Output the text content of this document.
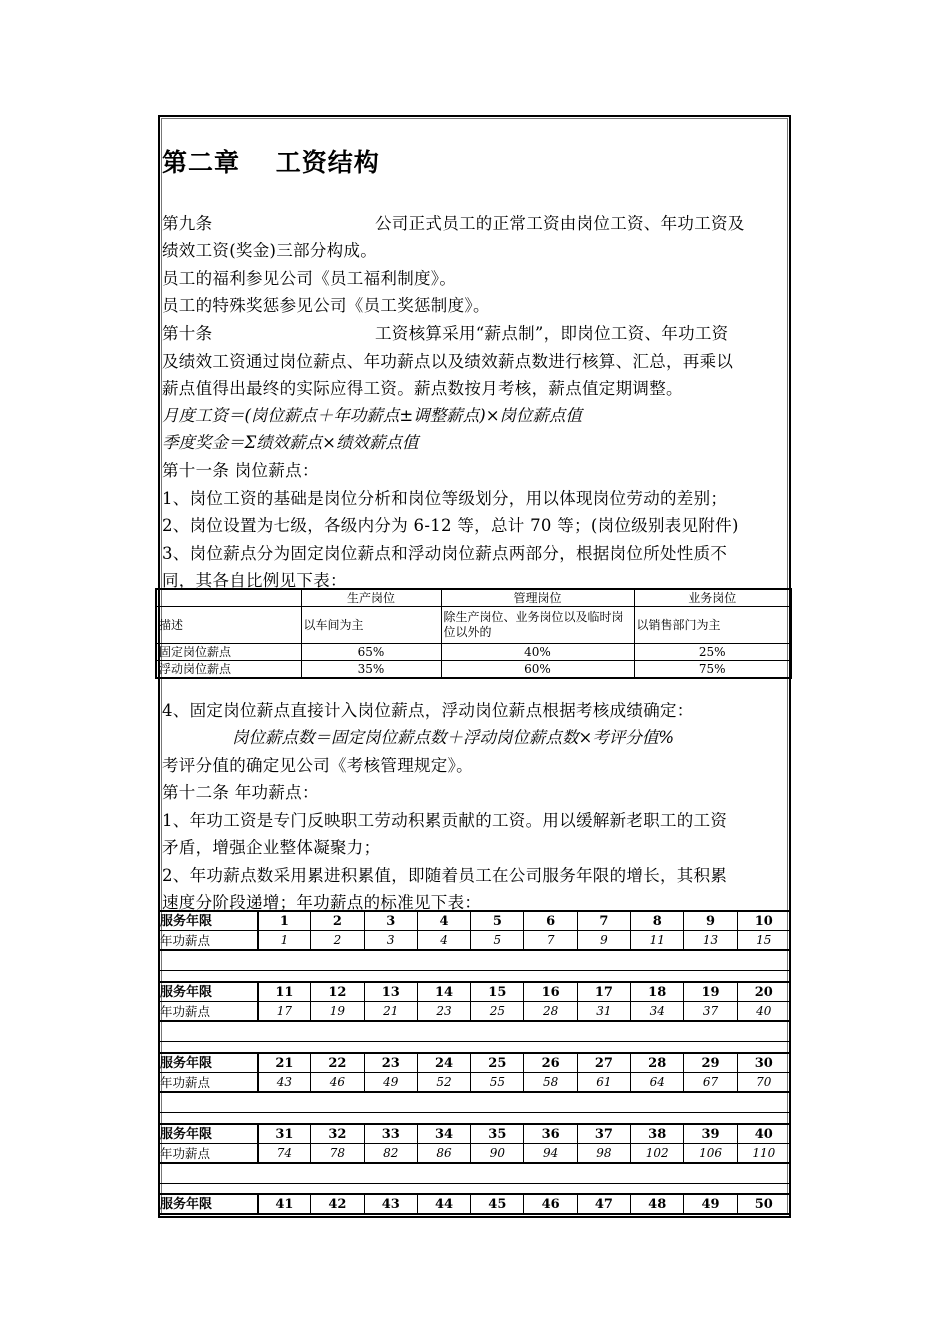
第二章　 工资结构
第九条	公司正式员工的正常工资由岗位工资、年功工资及
绩效工资(奖金)三部分构成。
员工的福利参见公司《员工福利制度》。
员工的特殊奖惩参见公司《员工奖惩制度》。
第十条	工资核算采用“薪点制”，即岗位工资、年功工资
及绩效工资通过岗位薪点、年功薪点以及绩效薪点数进行核算、汇总，再乘以
薪点值得出最终的实际应得工资。薪点数按月考核，薪点值定期调整。
月度工资＝(岗位薪点＋年功薪点±调整薪点)×岗位薪点值
季度奖金＝Σ绩效薪点×绩效薪点值
第十一条 岗位薪点：
1、岗位工资的基础是岗位分析和岗位等级划分，用以体现岗位劳动的差别；
2、岗位设置为七级，各级内分为 6-12 等，总计 70 等；(岗位级别表见附件)
3、岗位薪点分为固定岗位薪点和浮动岗位薪点两部分，根据岗位所处性质不
同，其各自比例见下表：
	生产岗位	管理岗位	业务岗位
描述	以车间为主	除生产岗位、业务岗位以及临时岗位以外的	以销售部门为主
固定岗位薪点	65%	40%	25%
浮动岗位薪点	35%	60%	75%
4、固定岗位薪点直接计入岗位薪点，浮动岗位薪点根据考核成绩确定：
岗位薪点数＝固定岗位薪点数＋浮动岗位薪点数×考评分值%
考评分值的确定见公司《考核管理规定》。
第十二条 年功薪点：
1、年功工资是专门反映职工劳动积累贡献的工资。用以缓解新老职工的工资
矛盾，增强企业整体凝聚力；
2、年功薪点数采用累进积累值，即随着员工在公司服务年限的增长，其积累
速度分阶段递增；年功薪点的标准见下表：
服务年限	1	2	3	4	5	6	7	8	9	10
年功薪点	1	2	3	4	5	7	9	11	13	15
服务年限	11	12	13	14	15	16	17	18	19	20
年功薪点	17	19	21	23	25	28	31	34	37	40
服务年限	21	22	23	24	25	26	27	28	29	30
年功薪点	43	46	49	52	55	58	61	64	67	70
服务年限	31	32	33	34	35	36	37	38	39	40
年功薪点	74	78	82	86	90	94	98	102	106	110
服务年限	41	42	43	44	45	46	47	48	49	50
